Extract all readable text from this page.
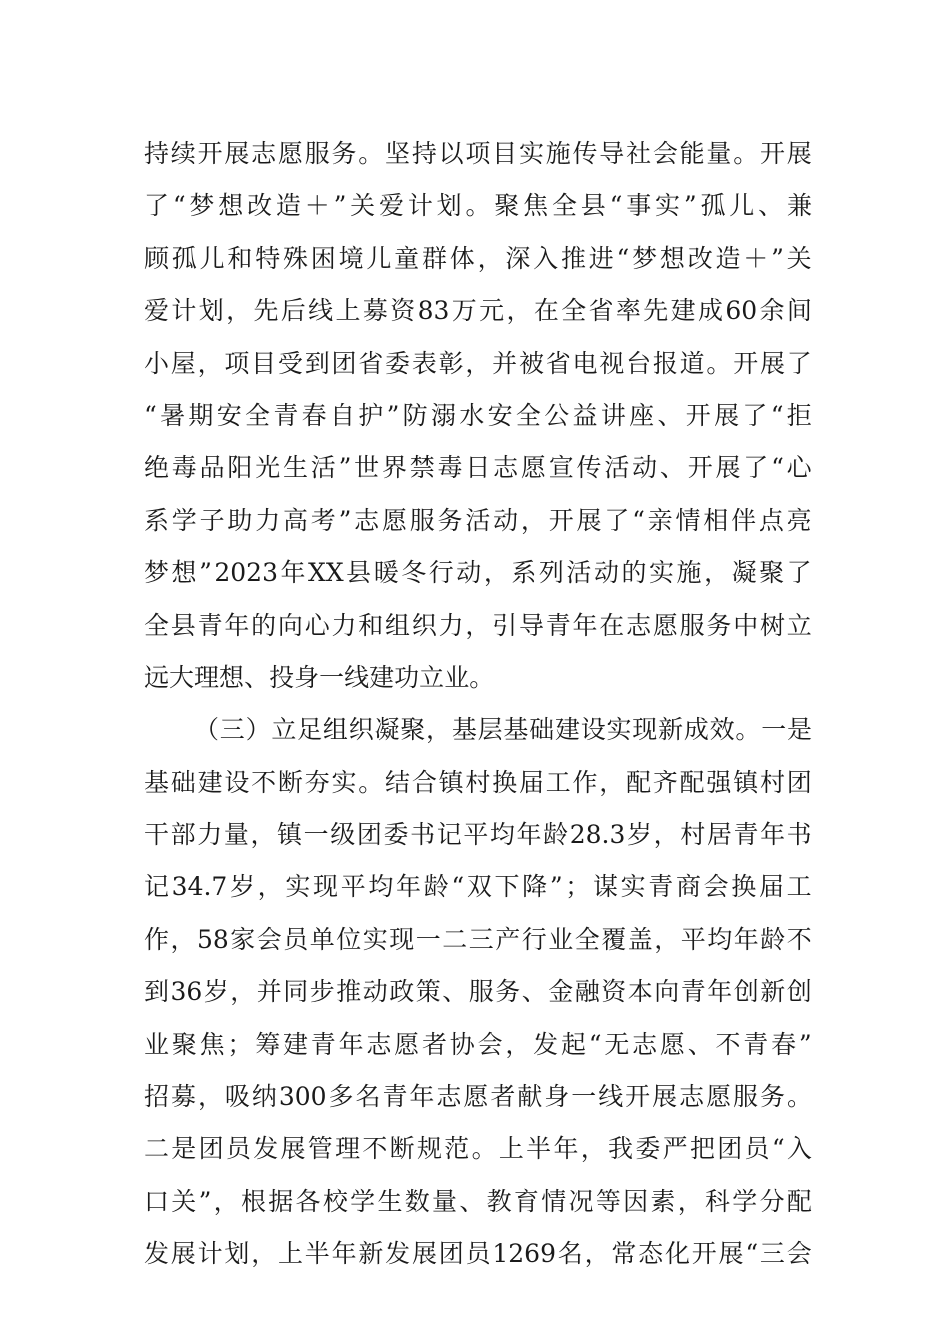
持 续 开 展 志 愿 服 务 。 坚 持 以 项 目 实 施 传 导 社 会 能 量 。 开 展
了 “ 梦 想 改 造 ＋ ” 关 爱 计 划 。 聚 焦 全 县 “ 事 实 ” 孤 儿 、 兼
顾 孤 儿 和 特 殊 困 境 儿 童 群 体 ， 深 入 推 进 “ 梦 想 改 造 ＋ ” 关
爱 计 划 ， 先 后 线 上 募 资 83 万 元 ， 在 全 省 率 先 建 成 60 余 间
小 屋 ， 项 目 受 到 团 省 委 表 彰 ， 并 被 省 电 视 台 报 道 。 开 展 了
“ 暑 期 安 全 青 春 自 护 ” 防 溺 水 安 全 公 益 讲 座 、 开 展 了 “ 拒
绝 毒 品 阳 光 生 活 ” 世 界 禁 毒 日 志 愿 宣 传 活 动 、 开 展 了 “ 心
系 学 子 助 力 高 考 ” 志 愿 服 务 活 动 ， 开 展 了 “ 亲 情 相 伴 点 亮
梦 想 ” 2023 年 XX 县 暖 冬 行 动 ， 系 列 活 动 的 实 施 ， 凝 聚 了
全 县 青 年 的 向 心 力 和 组 织 力 ， 引 导 青 年 在 志 愿 服 务 中 树 立
远 大 理 想 、 投 身 一 线 建 功 立 业 。
（ 三 ） 立 足 组 织 凝 聚 ， 基 层 基 础 建 设 实 现 新 成 效 。 一 是
基 础 建 设 不 断 夯 实 。 结 合 镇 村 换 届 工 作 ， 配 齐 配 强 镇 村 团
干 部 力 量 ， 镇 一 级 团 委 书 记 平 均 年 龄 28.3 岁 ， 村 居 青 年 书
记 34.7 岁 ， 实 现 平 均 年 龄 “ 双 下 降 ” ； 谋 实 青 商 会 换 届 工
作 ， 58 家 会 员 单 位 实 现 一 二 三 产 行 业 全 覆 盖 ， 平 均 年 龄 不
到 36 岁 ， 并 同 步 推 动 政 策 、 服 务 、 金 融 资 本 向 青 年 创 新 创
业 聚 焦 ； 筹 建 青 年 志 愿 者 协 会 ， 发 起 “ 无 志 愿 、 不 青 春 ”
招 募 ， 吸 纳 300 多 名 青 年 志 愿 者 献 身 一 线 开 展 志 愿 服 务 。
二 是 团 员 发 展 管 理 不 断 规 范 。 上 半 年 ， 我 委 严 把 团 员 “ 入
口 关 ” ， 根 据 各 校 学 生 数 量 、 教 育 情 况 等 因 素 ， 科 学 分 配
发 展 计 划 ， 上 半 年 新 发 展 团 员 1269 名 ， 常 态 化 开 展 “ 三 会
